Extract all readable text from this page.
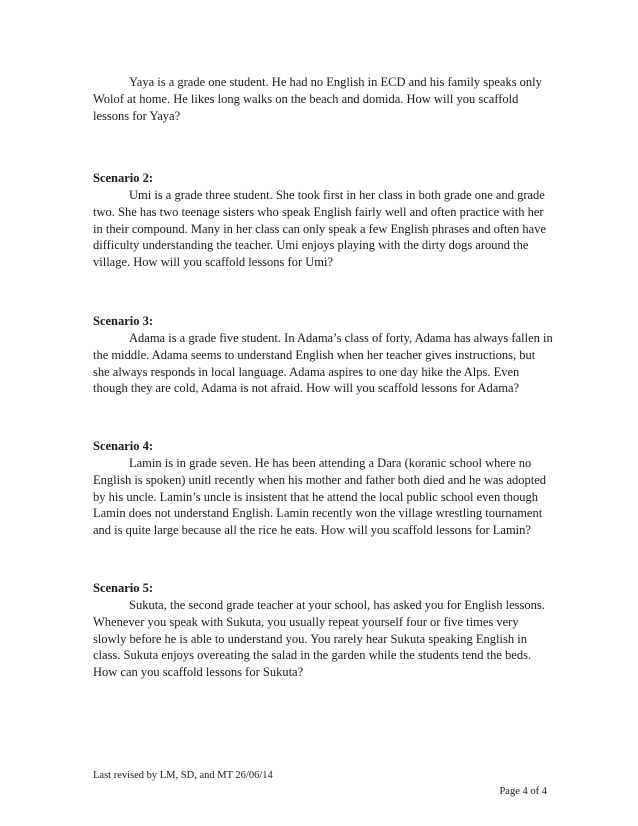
Yaya is a grade one student. He had no English in ECD and his family speaks only Wolof at home. He likes long walks on the beach and domida. How will you scaffold lessons for Yaya?

Scenario 2:

Umi is a grade three student. She took first in her class in both grade one and grade two. She has two teenage sisters who speak English fairly well and often practice with her in their compound. Many in her class can only speak a few English phrases and often have difficulty understanding the teacher. Umi enjoys playing with the dirty dogs around the village. How will you scaffold lessons for Umi?

Scenario 3:

Adama is a grade five student. In Adama’s class of forty, Adama has always fallen in the middle. Adama seems to understand English when her teacher gives instructions, but she always responds in local language. Adama aspires to one day hike the Alps. Even though they are cold, Adama is not afraid. How will you scaffold lessons for Adama?

Scenario 4:

Lamin is in grade seven. He has been attending a Dara (koranic school where no English is spoken) unitl recently when his mother and father both died and he was adopted by his uncle. Lamin’s uncle is insistent that he attend the local public school even though Lamin does not understand English. Lamin recently won the village wrestling tournament and is quite large because all the rice he eats. How will you scaffold lessons for Lamin?

Scenario 5:

Sukuta, the second grade teacher at your school, has asked you for English lessons. Whenever you speak with Sukuta, you usually repeat yourself four or five times very slowly before he is able to understand you. You rarely hear Sukuta speaking English in class. Sukuta enjoys overeating the salad in the garden while the students tend the beds. How can you scaffold lessons for Sukuta?

Last revised by LM, SD, and MT 26/06/14
Page 4 of 4
